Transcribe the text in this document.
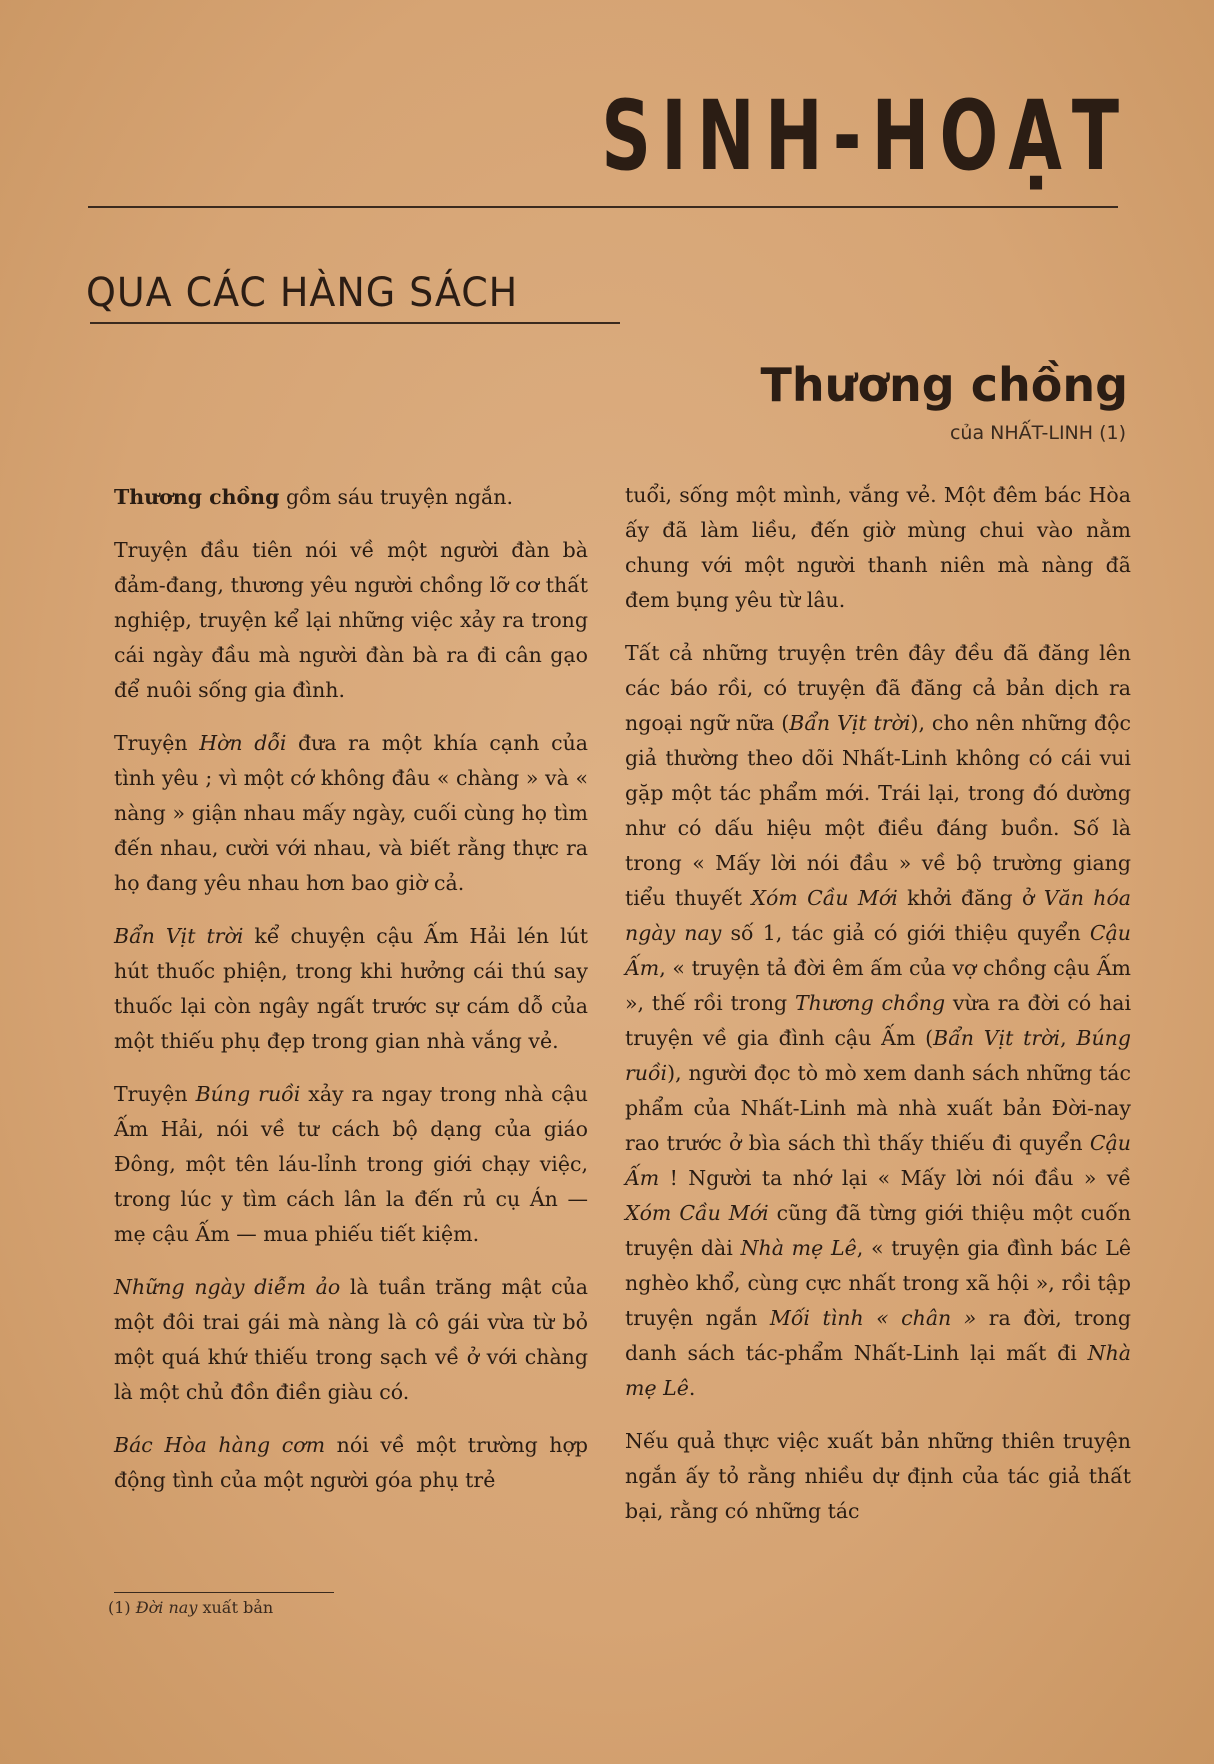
SINH-HOẠT
QUA CÁC HÀNG SÁCH
Thương chồng
của NHẤT-LINH (1)

Thương chồng gồm sáu truyện ngắn.

Truyện đầu tiên nói về một người đàn bà đảm-đang, thương yêu người chồng lỡ cơ thất nghiệp, truyện kể lại những việc xảy ra trong cái ngày đầu mà người đàn bà ra đi cân gạo để nuôi sống gia đình.

Truyện Hờn dỗi đưa ra một khía cạnh của tình yêu ; vì một cớ không đâu « chàng » và « nàng » giận nhau mấy ngày, cuối cùng họ tìm đến nhau, cười với nhau, và biết rằng thực ra họ đang yêu nhau hơn bao giờ cả.

Bẩn Vịt trời kể chuyện cậu Ấm Hải lén lút hút thuốc phiện, trong khi hưởng cái thú say thuốc lại còn ngây ngất trước sự cám dỗ của một thiếu phụ đẹp trong gian nhà vắng vẻ.

Truyện Búng ruồi xảy ra ngay trong nhà cậu Ấm Hải, nói về tư cách bộ dạng của giáo Đông, một tên láu-lỉnh trong giới chạy việc, trong lúc y tìm cách lân la đến rủ cụ Án — mẹ cậu Ấm — mua phiếu tiết kiệm.

Những ngày diễm ảo là tuần trăng mật của một đôi trai gái mà nàng là cô gái vừa từ bỏ một quá khứ thiếu trong sạch về ở với chàng là một chủ đồn điền giàu có.

Bác Hòa hàng cơm nói về một trường hợp động tình của một người góa phụ trẻ

tuổi, sống một mình, vắng vẻ. Một đêm bác Hòa ấy đã làm liều, đến giờ mùng chui vào nằm chung với một người thanh niên mà nàng đã đem bụng yêu từ lâu.

Tất cả những truyện trên đây đều đã đăng lên các báo rồi, có truyện đã đăng cả bản dịch ra ngoại ngữ nữa (Bẩn Vịt trời), cho nên những độc giả thường theo dõi Nhất-Linh không có cái vui gặp một tác phẩm mới. Trái lại, trong đó dường như có dấu hiệu một điều đáng buồn. Số là trong « Mấy lời nói đầu » về bộ trường giang tiểu thuyết Xóm Cầu Mới khởi đăng ở Văn hóa ngày nay số 1, tác giả có giới thiệu quyển Cậu Ấm, « truyện tả đời êm ấm của vợ chồng cậu Ấm », thế rồi trong Thương chồng vừa ra đời có hai truyện về gia đình cậu Ấm (Bẩn Vịt trời, Búng ruồi), người đọc tò mò xem danh sách những tác phẩm của Nhất-Linh mà nhà xuất bản Đời-nay rao trước ở bìa sách thì thấy thiếu đi quyển Cậu Ấm ! Người ta nhớ lại « Mấy lời nói đầu » về Xóm Cầu Mới cũng đã từng giới thiệu một cuốn truyện dài Nhà mẹ Lê, « truyện gia đình bác Lê nghèo khổ, cùng cực nhất trong xã hội », rồi tập truyện ngắn Mối tình « chân » ra đời, trong danh sách tác-phẩm Nhất-Linh lại mất đi Nhà mẹ Lê.

Nếu quả thực việc xuất bản những thiên truyện ngắn ấy tỏ rằng nhiều dự định của tác giả thất bại, rằng có những tác

(1) Đời nay xuất bản
